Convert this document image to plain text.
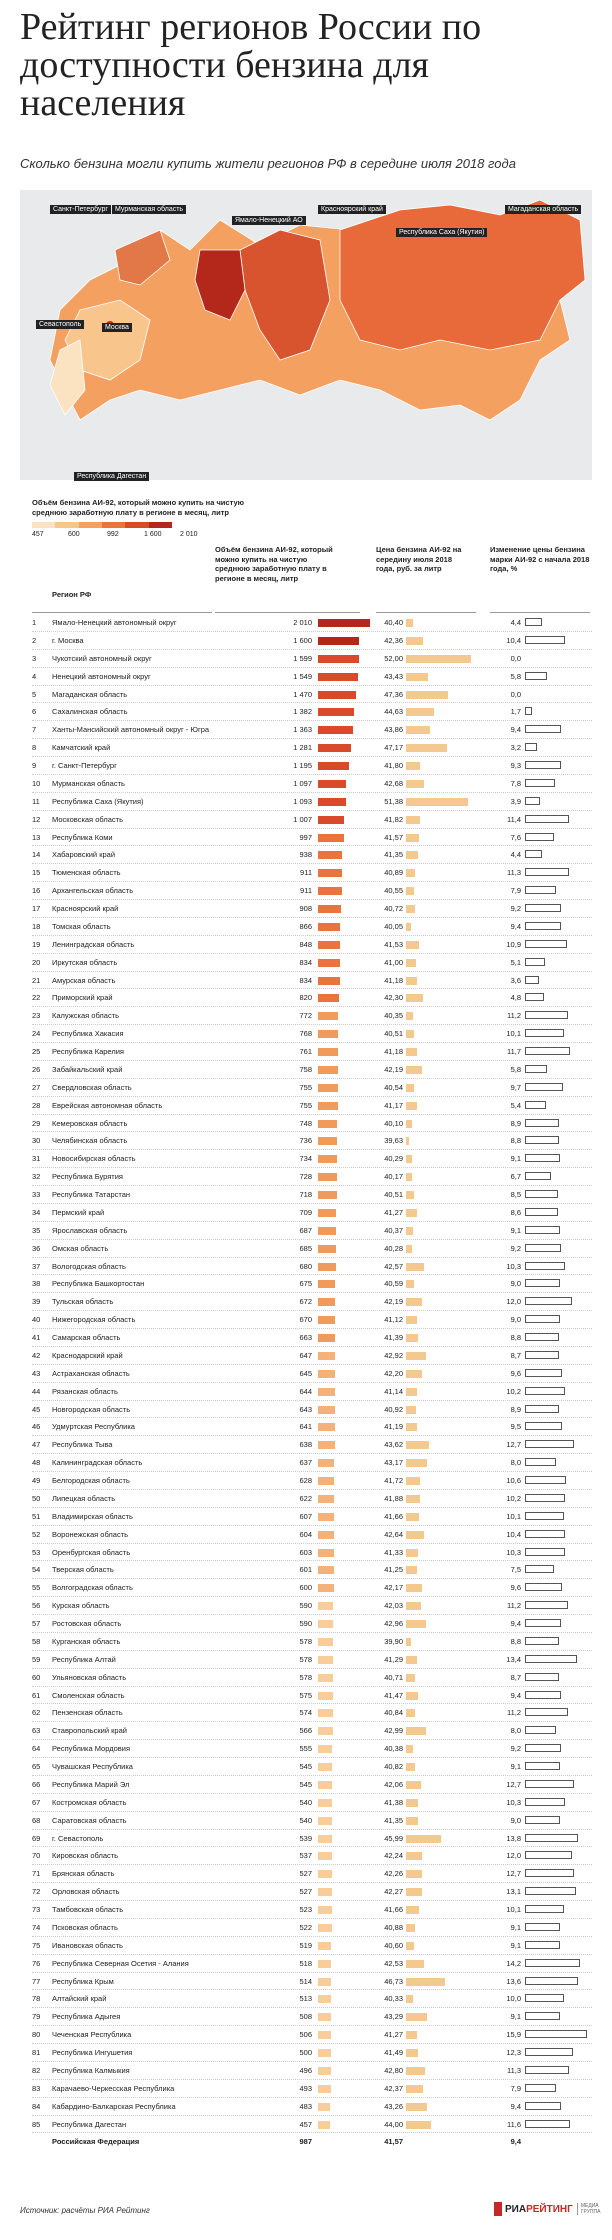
Рейтинг регионов России по доступности бензина для населения
Сколько бензина могли купить жители регионов РФ в середине июля 2018 года
Санкт-Петербург	Мурманская область
Ямало-Ненецкий АО
Красноярский край
Республика Саха (Якутия)
Магаданская область
Севастополь	Москва
Республика Дагестан
Объём бензина АИ-92, который можно купить на чистую среднюю заработную плату в регионе в месяц, литр
457	600	992	1 600	2 010
Регион РФ
Объём бензина АИ-92, который можно купить на чистую среднюю заработную плату в регионе в месяц, литр
Цена бензина АИ-92 на середину июля 2018 года, руб. за литр
Изменение цены бензина марки АИ-92 с начала 2018 года, %
1	Ямало-Ненецкий автономный округ	2 010	40,40	4,4
2	г. Москва	1 600	42,36	10,4
3	Чукотский автономный округ	1 599	52,00	0,0
4	Ненецкий автономный округ	1 549	43,43	5,8
5	Магаданская область	1 470	47,36	0,0
6	Сахалинская область	1 382	44,63	1,7
7	Ханты-Мансийский автономный округ - Югра	1 363	43,86	9,4
8	Камчатский край	1 281	47,17	3,2
9	г. Санкт-Петербург	1 195	41,80	9,3
10	Мурманская область	1 097	42,68	7,8
11	Республика Саха (Якутия)	1 093	51,38	3,9
12	Московская область	1 007	41,82	11,4
13	Республика Коми	997	41,57	7,6
14	Хабаровский край	938	41,35	4,4
15	Тюменская область	911	40,89	11,3
16	Архангельская область	911	40,55	7,9
17	Красноярский край	908	40,72	9,2
18	Томская область	866	40,05	9,4
19	Ленинградская область	848	41,53	10,9
20	Иркутская область	834	41,00	5,1
21	Амурская область	834	41,18	3,6
22	Приморский край	820	42,30	4,8
23	Калужская область	772	40,35	11,2
24	Республика Хакасия	768	40,51	10,1
25	Республика Карелия	761	41,18	11,7
26	Забайкальский край	758	42,19	5,8
27	Свердловская область	755	40,54	9,7
28	Еврейская автономная область	755	41,17	5,4
29	Кемеровская область	748	40,10	8,9
30	Челябинская область	736	39,63	8,8
31	Новосибирская область	734	40,29	9,1
32	Республика Бурятия	728	40,17	6,7
33	Республика Татарстан	718	40,51	8,5
34	Пермский край	709	41,27	8,6
35	Ярославская область	687	40,37	9,1
36	Омская область	685	40,28	9,2
37	Вологодская область	680	42,57	10,3
38	Республика Башкортостан	675	40,59	9,0
39	Тульская область	672	42,19	12,0
40	Нижегородская область	670	41,12	9,0
41	Самарская область	663	41,39	8,8
42	Краснодарский край	647	42,92	8,7
43	Астраханская область	645	42,20	9,6
44	Рязанская область	644	41,14	10,2
45	Новгородская область	643	40,92	8,9
46	Удмуртская Республика	641	41,19	9,5
47	Республика Тыва	638	43,62	12,7
48	Калининградская область	637	43,17	8,0
49	Белгородская область	628	41,72	10,6
50	Липецкая область	622	41,88	10,2
51	Владимирская область	607	41,66	10,1
52	Воронежская область	604	42,64	10,4
53	Оренбургская область	603	41,33	10,3
54	Тверская область	601	41,25	7,5
55	Волгоградская область	600	42,17	9,6
56	Курская область	590	42,03	11,2
57	Ростовская область	590	42,96	9,4
58	Курганская область	578	39,90	8,8
59	Республика Алтай	578	41,29	13,4
60	Ульяновская область	578	40,71	8,7
61	Смоленская область	575	41,47	9,4
62	Пензенская область	574	40,84	11,2
63	Ставропольский край	566	42,99	8,0
64	Республика Мордовия	555	40,38	9,2
65	Чувашская Республика	545	40,82	9,1
66	Республика Марий Эл	545	42,06	12,7
67	Костромская область	540	41,38	10,3
68	Саратовская область	540	41,35	9,0
69	г. Севастополь	539	45,99	13,8
70	Кировская область	537	42,24	12,0
71	Брянская область	527	42,26	12,7
72	Орловская область	527	42,27	13,1
73	Тамбовская область	523	41,66	10,1
74	Псковская область	522	40,88	9,1
75	Ивановская область	519	40,60	9,1
76	Республика Северная Осетия - Алания	518	42,53	14,2
77	Республика Крым	514	46,73	13,6
78	Алтайский край	513	40,33	10,0
79	Республика Адыгея	508	43,29	9,1
80	Чеченская Республика	506	41,27	15,9
81	Республика Ингушетия	500	41,49	12,3
82	Республика Калмыкия	496	42,80	11,3
83	Карачаево-Черкесская Республика	493	42,37	7,9
84	Кабардино-Балкарская Республика	483	43,26	9,4
85	Республика Дагестан	457	44,00	11,6
Российская Федерация	987	41,57	9,4
Источник: расчёты РИА Рейтинг	РИА РЕЙТИНГ	МЕДИА ГРУППА
